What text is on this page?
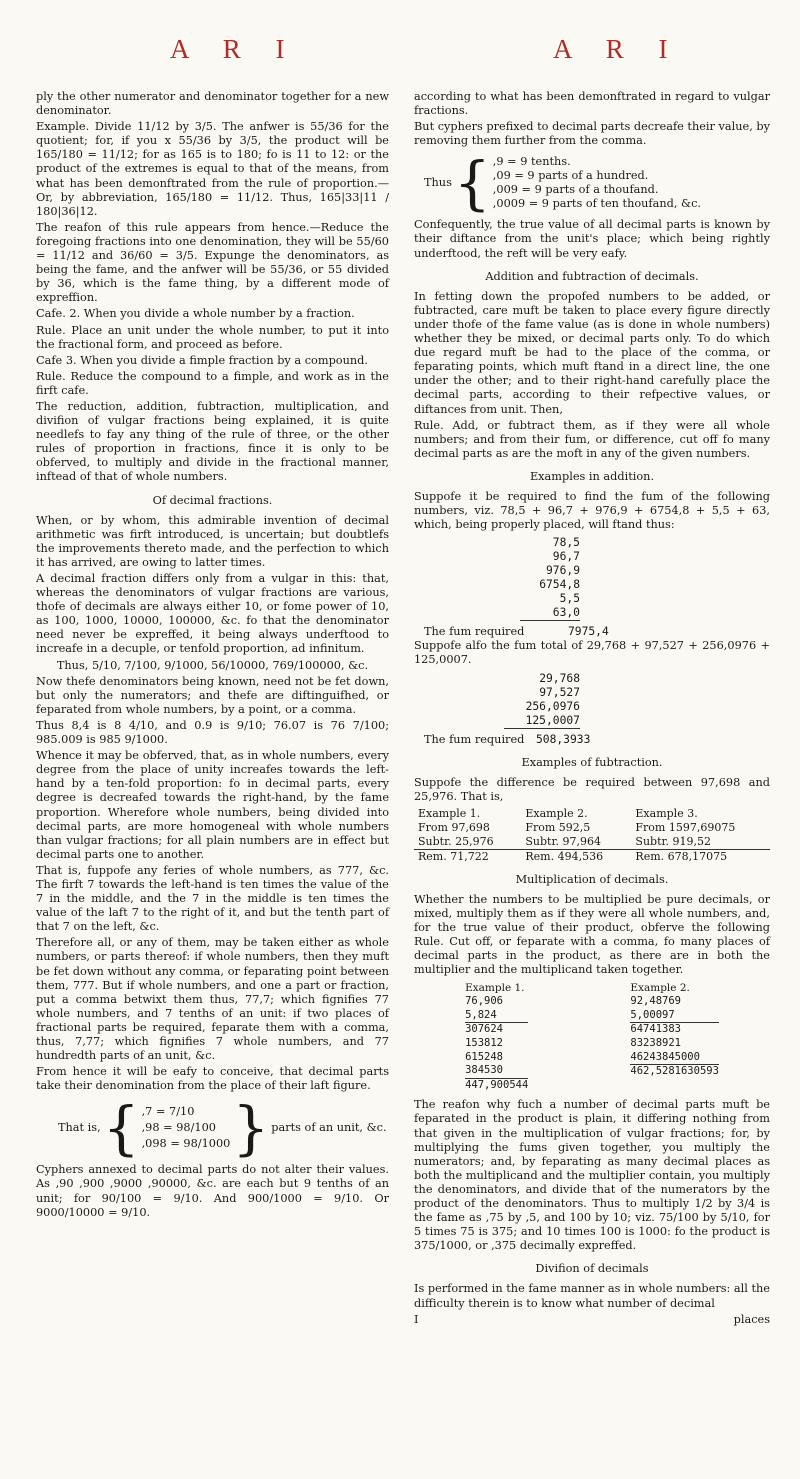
A R I	A R I

ply the other numerator and denominator together for a new denominator.

Example. Divide 11/12 by 3/5. The anfwer is 55/36 for the quotient; for, if you x 55/36 by 3/5, the product will be 165/180 = 11/12; for as 165 is to 180; fo is 11 to 12: or the product of the extremes is equal to that of the means, from what has been demonftrated from the rule of proportion.—Or, by abbreviation, 165/180 = 11/12. Thus, 165|33|11 / 180|36|12.

The reafon of this rule appears from hence.—Reduce the foregoing fractions into one denomination, they will be 55/60 = 11/12 and 36/60 = 3/5. Expunge the denominators, as being the fame, and the anfwer will be 55/36, or 55 divided by 36, which is the fame thing, by a different mode of expreffion.

Cafe. 2. When you divide a whole number by a fraction.

Rule. Place an unit under the whole number, to put it into the fractional form, and proceed as before.

Cafe 3. When you divide a fimple fraction by a compound.

Rule. Reduce the compound to a fimple, and work as in the firft cafe.

The reduction, addition, fubtraction, multiplication, and divifion of vulgar fractions being explained, it is quite needlefs to fay any thing of the rule of three, or the other rules of proportion in fractions, fince it is only to be obferved, to multiply and divide in the fractional manner, inftead of that of whole numbers.

Of decimal fractions.

When, or by whom, this admirable invention of decimal arithmetic was firft introduced, is uncertain; but doubtlefs the improvements thereto made, and the perfection to which it has arrived, are owing to latter times.

A decimal fraction differs only from a vulgar in this: that, whereas the denominators of vulgar fractions are various, thofe of decimals are always either 10, or fome power of 10, as 100, 1000, 10000, 100000, &c. fo that the denominator need never be expreffed, it being always underftood to increafe in a decuple, or tenfold proportion, ad infinitum.

Thus, 5/10, 7/100, 9/1000, 56/10000, 769/100000, &c.

Now thefe denominators being known, need not be fet down, but only the numerators; and thefe are diftinguifhed, or feparated from whole numbers, by a point, or a comma.

Thus 8,4 is 8 4/10, and 0.9 is 9/10; 76.07 is 76 7/100; 985.009 is 985 9/1000.

Whence it may be obferved, that, as in whole numbers, every degree from the place of unity increafes towards the left-hand by a ten-fold proportion: fo in decimal parts, every degree is decreafed towards the right-hand, by the fame proportion. Wherefore whole numbers, being divided into decimal parts, are more homogeneal with whole numbers than vulgar fractions; for all plain numbers are in effect but decimal parts one to another.

That is, fuppofe any feries of whole numbers, as 777, &c. The firft 7 towards the left-hand is ten times the value of the 7 in the middle, and the 7 in the middle is ten times the value of the laft 7 to the right of it, and but the tenth part of that 7 on the left, &c.

Therefore all, or any of them, may be taken either as whole numbers, or parts thereof: if whole numbers, then they muft be fet down without any comma, or feparating point between them, 777. But if whole numbers, and one a part or fraction, put a comma betwixt them thus, 77,7; which fignifies 77 whole numbers, and 7 tenths of an unit: if two places of fractional parts be required, feparate them with a comma, thus, 7,77; which fignifies 7 whole numbers, and 77 hundredth parts of an unit, &c.

From hence it will be eafy to conceive, that decimal parts take their denomination from the place of their laft figure.

That is, { ,7 = 7/10
,98 = 98/100
,098 = 98/1000 } parts of an unit, &c.

Cyphers annexed to decimal parts do not alter their values. As ,90 ,900 ,9000 ,90000, &c. are each but 9 tenths of an unit; for 90/100 = 9/10. And 900/1000 = 9/10. Or 9000/10000 = 9/10.

according to what has been demonftrated in regard to vulgar fractions.

But cyphers prefixed to decimal parts decreafe their value, by removing them further from the comma.

Thus { ,9 = 9 tenths.
,09 = 9 parts of a hundred.
,009 = 9 parts of a thoufand.
,0009 = 9 parts of ten thoufand, &c.

Confequently, the true value of all decimal parts is known by their diftance from the unit's place; which being rightly underftood, the reft will be very eafy.

Addition and fubtraction of decimals.

In fetting down the propofed numbers to be added, or fubtracted, care muft be taken to place every figure directly under thofe of the fame value (as is done in whole numbers) whether they be mixed, or decimal parts only. To do which due regard muft be had to the place of the comma, or feparating points, which muft ftand in a direct line, the one under the other; and to their right-hand carefully place the decimal parts, according to their refpective values, or diftances from unit. Then,

Rule. Add, or fubtract them, as if they were all whole numbers; and from their fum, or difference, cut off fo many decimal parts as are the moft in any of the given numbers.

Examples in addition.

Suppofe it be required to find the fum of the following numbers, viz. 78,5 + 96,7 + 976,9 + 6754,8 + 5,5 + 63, which, being properly placed, will ftand thus:

78,5
96,7
976,9
6754,8
5,5
63,0
The fum required	7975,4

Suppofe alfo the fum total of 29,768 + 97,527 + 256,0976 + 125,0007.

29,768
97,527
256,0976
125,0007
The fum required 508,3933
Examples of fubtraction.

Suppofe the difference be required between 97,698 and 25,976. That is,

Example 1.	Example 2.	Example 3.
From 97,698	From 592,5	From 1597,69075
Subtr. 25,976	Subtr. 97,964	Subtr. 919,52
Rem. 71,722	Rem. 494,536	Rem. 678,17075
Multiplication of decimals.

Whether the numbers to be multiplied be pure decimals, or mixed, multiply them as if they were all whole numbers, and, for the true value of their product, obferve the following Rule. Cut off, or feparate with a comma, fo many places of decimal parts in the product, as there are in both the multiplier and the multiplicand taken together.

Example 1.
76,906
5,824
307624
153812
615248
384530
447,900544
Example 2.
92,48769
5,00097
64741383
83238921
46243845000
462,5281630593

The reafon why fuch a number of decimal parts muft be feparated in the product is plain, it differing nothing from that given in the multiplication of vulgar fractions; for, by multiplying the fums given together, you multiply the numerators; and, by feparating as many decimal places as both the multiplicand and the multiplier contain, you multiply the denominators, and divide that of the numerators by the product of the denominators. Thus to multiply 1/2 by 3/4 is the fame as ,75 by ,5, and 100 by 10; viz. 75/100 by 5/10, for 5 times 75 is 375; and 10 times 100 is 1000: fo the product is 375/1000, or ,375 decimally expreffed.

Divifion of decimals

Is performed in the fame manner as in whole numbers: all the difficulty therein is to know what number of decimal

I	places
